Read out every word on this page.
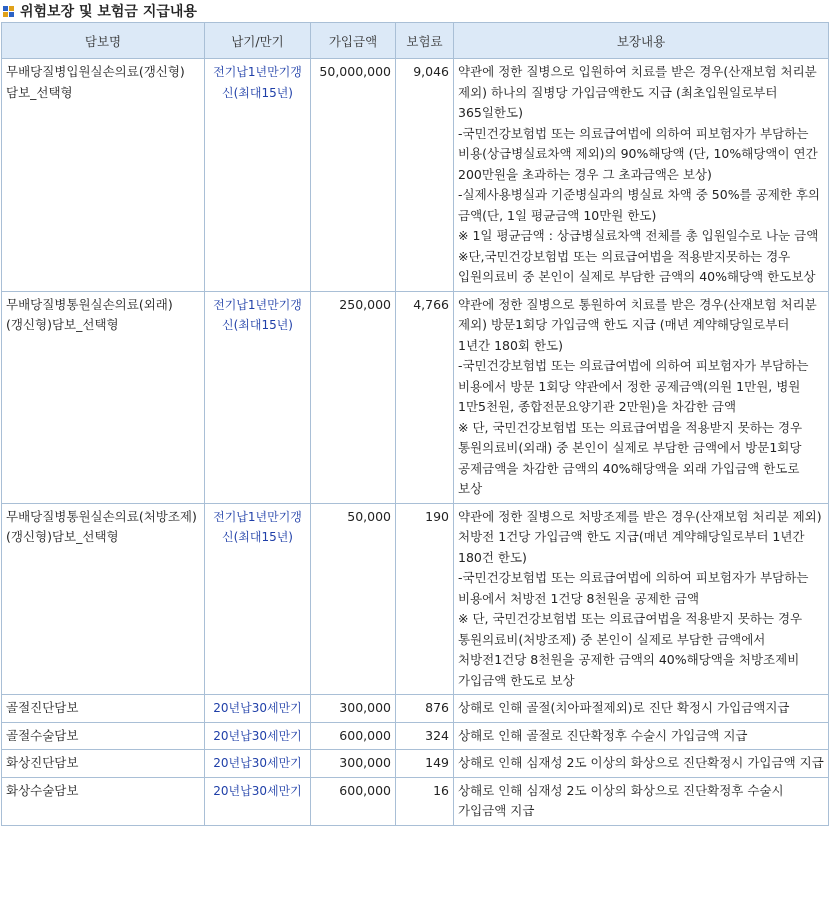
위험보장 및 보험금 지급내용
담보명	납기/만기	가입금액	보험료	보장내용
무배당질병입원실손의료(갱신형)담보_선택형	전기납1년만기갱신(최대15년)	50,000,000	9,046	약관에 정한 질병으로 입원하여 치료를 받은 경우(산재보험 처리분 제외) 하나의 질병당 가입금액한도 지급 (최초입원일로부터 365일한도)
-국민건강보험법 또는 의료급여법에 의하여 피보험자가 부담하는 비용(상급병실료차액 제외)의 90%해당액 (단, 10%해당액이 연간 200만원을 초과하는 경우 그 초과금액은 보상)
-실제사용병실과 기준병실과의 병실료 차액 중 50%를 공제한 후의 금액(단, 1일 평균금액 10만원 한도)
※ 1일 평균금액 : 상급병실료차액 전체를 총 입원일수로 나눈 금액
※단,국민건강보험법 또는 의료급여법을 적용받지못하는 경우 입원의료비 중 본인이 실제로 부담한 금액의 40%해당액 한도보상

무배당질병통원실손의료(외래)(갱신형)담보_선택형	전기납1년만기갱신(최대15년)	250,000	4,766	약관에 정한 질병으로 통원하여 치료를 받은 경우(산재보험 처리분 제외) 방문1회당 가입금액 한도 지급 (매년 계약해당일로부터 1년간 180회 한도)
-국민건강보험법 또는 의료급여법에 의하여 피보험자가 부담하는 비용에서 방문 1회당 약관에서 정한 공제금액(의원 1만원, 병원 1만5천원, 종합전문요양기관 2만원)을 차감한 금액
※ 단, 국민건강보험법 또는 의료급여법을 적용받지 못하는 경우 통원의료비(외래) 중 본인이 실제로 부담한 금액에서 방문1회당 공제금액을 차감한 금액의 40%해당액을 외래 가입금액 한도로 보상

무배당질병통원실손의료(처방조제)(갱신형)담보_선택형	전기납1년만기갱신(최대15년)	50,000	190	약관에 정한 질병으로 처방조제를 받은 경우(산재보험 처리분 제외) 처방전 1건당 가입금액 한도 지급(매년 계약해당일로부터 1년간 180건 한도)
-국민건강보험법 또는 의료급여법에 의하여 피보험자가 부담하는 비용에서 처방전 1건당 8천원을 공제한 금액
※ 단, 국민건강보험법 또는 의료급여법을 적용받지 못하는 경우 통원의료비(처방조제) 중 본인이 실제로 부담한 금액에서 처방전1건당 8천원을 공제한 금액의 40%해당액을 처방조제비 가입금액 한도로 보상

골절진단담보	20년납30세만기	300,000	876	상해로 인해 골절(치아파절제외)로 진단 확정시 가입금액지급

골절수술담보	20년납30세만기	600,000	324	상해로 인해 골절로 진단확정후 수술시 가입금액 지급

화상진단담보	20년납30세만기	300,000	149	상해로 인해 심재성 2도 이상의 화상으로 진단확정시 가입금액 지급

화상수술담보	20년납30세만기	600,000	16	상해로 인해 심재성 2도 이상의 화상으로 진단확정후 수술시 가입금액 지급
